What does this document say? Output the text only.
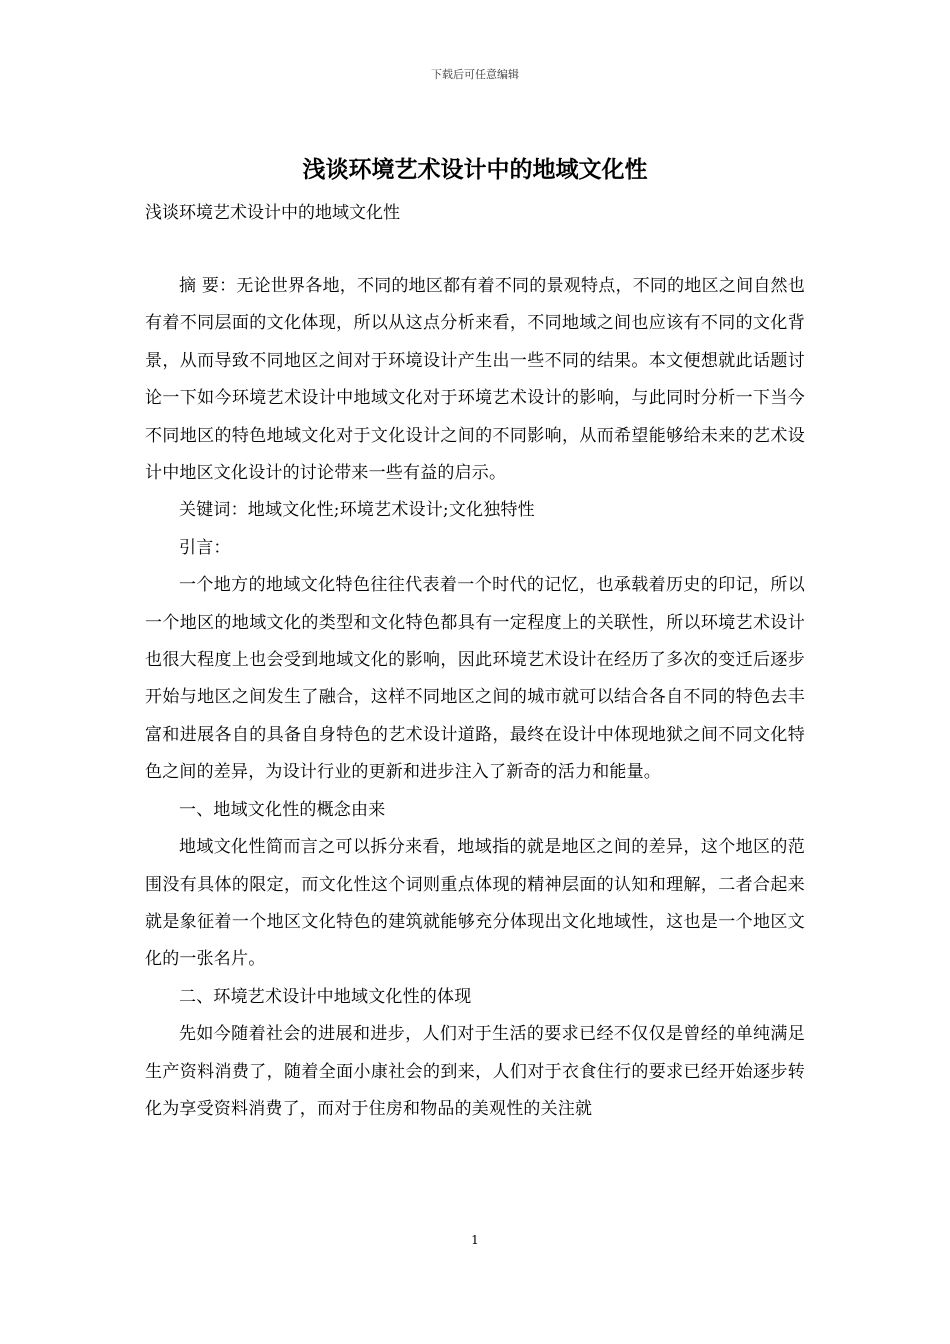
下载后可任意编辑
浅谈环境艺术设计中的地域文化性

浅谈环境艺术设计中的地域文化性

摘 要：无论世界各地，不同的地区都有着不同的景观特点，不同的地区之间自然也有着不同层面的文化体现，所以从这点分析来看，不同地域之间也应该有不同的文化背景，从而导致不同地区之间对于环境设计产生出一些不同的结果。本文便想就此话题讨论一下如今环境艺术设计中地域文化对于环境艺术设计的影响，与此同时分析一下当今不同地区的特色地域文化对于文化设计之间的不同影响，从而希望能够给未来的艺术设计中地区文化设计的讨论带来一些有益的启示。

关键词：地域文化性;环境艺术设计;文化独特性

引言：

一个地方的地域文化特色往往代表着一个时代的记忆，也承载着历史的印记，所以一个地区的地域文化的类型和文化特色都具有一定程度上的关联性，所以环境艺术设计也很大程度上也会受到地域文化的影响，因此环境艺术设计在经历了多次的变迁后逐步开始与地区之间发生了融合，这样不同地区之间的城市就可以结合各自不同的特色去丰富和进展各自的具备自身特色的艺术设计道路，最终在设计中体现地狱之间不同文化特色之间的差异，为设计行业的更新和进步注入了新奇的活力和能量。

一、地域文化性的概念由来

地域文化性简而言之可以拆分来看，地域指的就是地区之间的差异，这个地区的范围没有具体的限定，而文化性这个词则重点体现的精神层面的认知和理解，二者合起来就是象征着一个地区文化特色的建筑就能够充分体现出文化地域性，这也是一个地区文化的一张名片。

二、环境艺术设计中地域文化性的体现

先如今随着社会的进展和进步，人们对于生活的要求已经不仅仅是曾经的单纯满足生产资料消费了，随着全面小康社会的到来，人们对于衣食住行的要求已经开始逐步转化为享受资料消费了，而对于住房和物品的美观性的关注就

1
